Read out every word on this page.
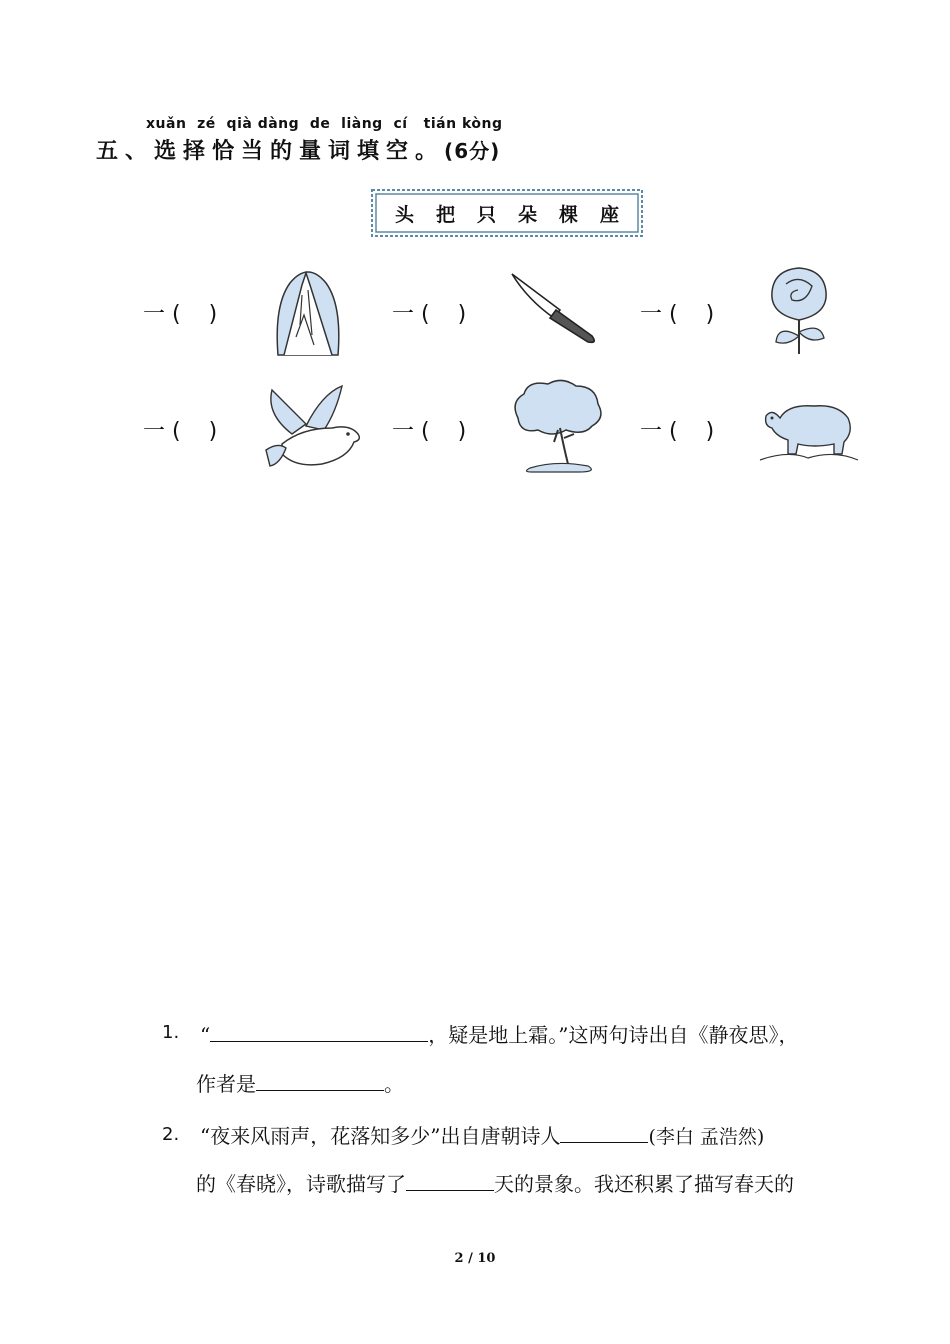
xuǎn  zé  qià dàng  de  liàng  cí   tián kòng
五、选择恰当的量词填空。(6分)
头 把 只 朵 棵 座
一 ( )	一 ( )	一 ( )
一 ( )	一 ( )	一 ( )
1. “	，疑是地上霜。”这两句诗出自《静夜思》，
作者是	。
2. “夜来风雨声，花落知多少”出自唐朝诗人	(李白 孟浩然)
的《春晓》，诗歌描写了	天的景象。我还积累了描写春天的
2 / 10
